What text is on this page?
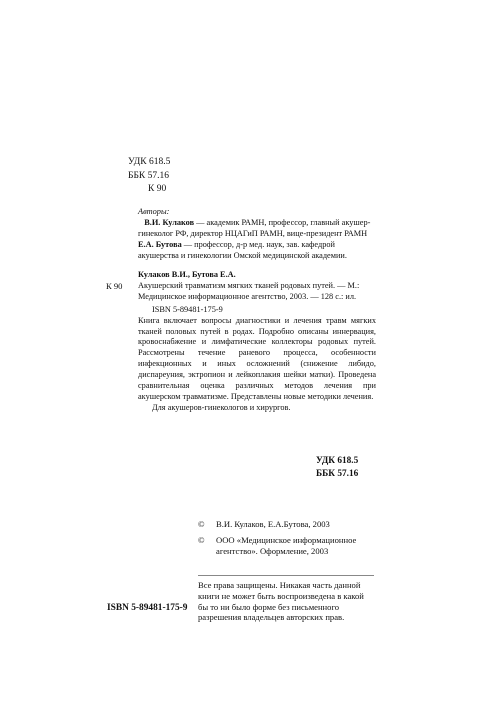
УДК 618.5
ББК 57.16
К 90
Авторы:
В.И. Кулаков — академик РАМН, профессор, главный акушер-гинеколог РФ, директор НЦАГиП РАМН, вице-президент РАМН
Е.А. Бутова — профессор, д-р мед. наук, зав. кафедрой акушерства и гинекологии Омской медицинской академии.
К 90
Кулаков В.И., Бутова Е.А.
Акушерский травматизм мягких тканей родовых путей. — М.: Медицинское информационное агентство, 2003. — 128 с.: ил.
ISBN 5-89481-175-9
Книга включает вопросы диагностики и лечения травм мягких тканей половых путей в родах. Подробно описаны иннервация, кровоснабжение и лимфатические коллекторы родовых путей. Рассмотрены течение раневого процесса, особенности инфекционных и иных осложнений (снижение либидо, диспареуния, эктропион и лейкоплакия шейки матки). Проведена сравнительная оценка различных методов лечения при акушерском травматизме. Представлены новые методики лечения.
Для акушеров-гинекологов и хирургов.
УДК 618.5
ББК 57.16
©	В.И. Кулаков, Е.А.Бутова, 2003
©	ООО «Медицинское информационное агентство». Оформление, 2003
Все права защищены. Никакая часть данной книги не может быть воспроизведена в какой бы то ни было форме без письменного разрешения владельцев авторских прав.
ISBN 5-89481-175-9
